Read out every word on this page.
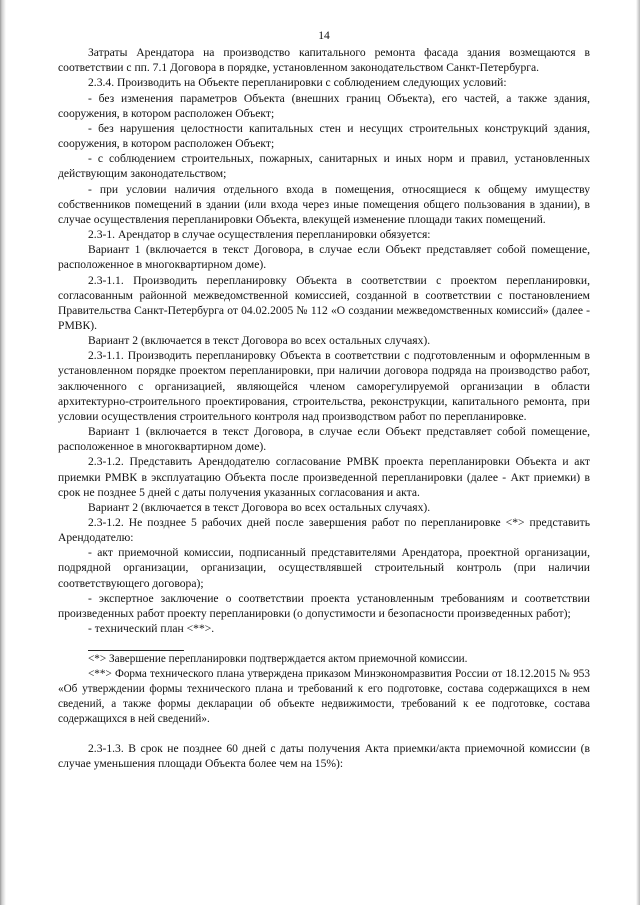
14

Затраты Арендатора на производство капитального ремонта фасада здания возмещаются в соответствии с пп. 7.1 Договора в порядке, установленном законодательством Санкт-Петербурга.

2.3.4. Производить на Объекте перепланировки с соблюдением следующих условий:

- без изменения параметров Объекта (внешних границ Объекта), его частей, а также здания, сооружения, в котором расположен Объект;

- без нарушения целостности капитальных стен и несущих строительных конструкций здания, сооружения, в котором расположен Объект;

- с соблюдением строительных, пожарных, санитарных и иных норм и правил, установленных действующим законодательством;

- при условии наличия отдельного входа в помещения, относящиеся к общему имуществу собственников помещений в здании (или входа через иные помещения общего пользования в здании), в случае осуществления перепланировки Объекта, влекущей изменение площади таких помещений.

2.3-1. Арендатор в случае осуществления перепланировки обязуется:

Вариант 1 (включается в текст Договора, в случае если Объект представляет собой помещение, расположенное в многоквартирном доме).

2.3-1.1. Производить перепланировку Объекта в соответствии с проектом перепланировки, согласованным районной межведомственной комиссией, созданной в соответствии с постановлением Правительства Санкт-Петербурга от 04.02.2005 № 112 «О создании межведомственных комиссий» (далее - РМВК).

Вариант 2 (включается в текст Договора во всех остальных случаях).

2.3-1.1. Производить перепланировку Объекта в соответствии с подготовленным и оформленным в установленном порядке проектом перепланировки, при наличии договора подряда на производство работ, заключенного с организацией, являющейся членом саморегулируемой организации в области архитектурно-строительного проектирования, строительства, реконструкции, капитального ремонта, при условии осуществления строительного контроля над производством работ по перепланировке.

Вариант 1 (включается в текст Договора, в случае если Объект представляет собой помещение, расположенное в многоквартирном доме).

2.3-1.2. Представить Арендодателю согласование РМВК проекта перепланировки Объекта и акт приемки РМВК в эксплуатацию Объекта после произведенной перепланировки (далее - Акт приемки) в срок не позднее 5 дней с даты получения указанных согласования и акта.

Вариант 2 (включается в текст Договора во всех остальных случаях).

2.3-1.2. Не позднее 5 рабочих дней после завершения работ по перепланировке <*> представить Арендодателю:

- акт приемочной комиссии, подписанный представителями Арендатора, проектной организации, подрядной организации, организации, осуществлявшей строительный контроль (при наличии соответствующего договора);

- экспертное заключение о соответствии проекта установленным требованиям и соответствии произведенных работ проекту перепланировки (о допустимости и безопасности произведенных работ);

- технический план <**>.

<*> Завершение перепланировки подтверждается актом приемочной комиссии.

<**> Форма технического плана утверждена приказом Минэкономразвития России от 18.12.2015 № 953 «Об утверждении формы технического плана и требований к его подготовке, состава содержащихся в нем сведений, а также формы декларации об объекте недвижимости, требований к ее подготовке, состава содержащихся в ней сведений».

2.3-1.3. В срок не позднее 60 дней с даты получения Акта приемки/акта приемочной комиссии (в случае уменьшения площади Объекта более чем на 15%):
